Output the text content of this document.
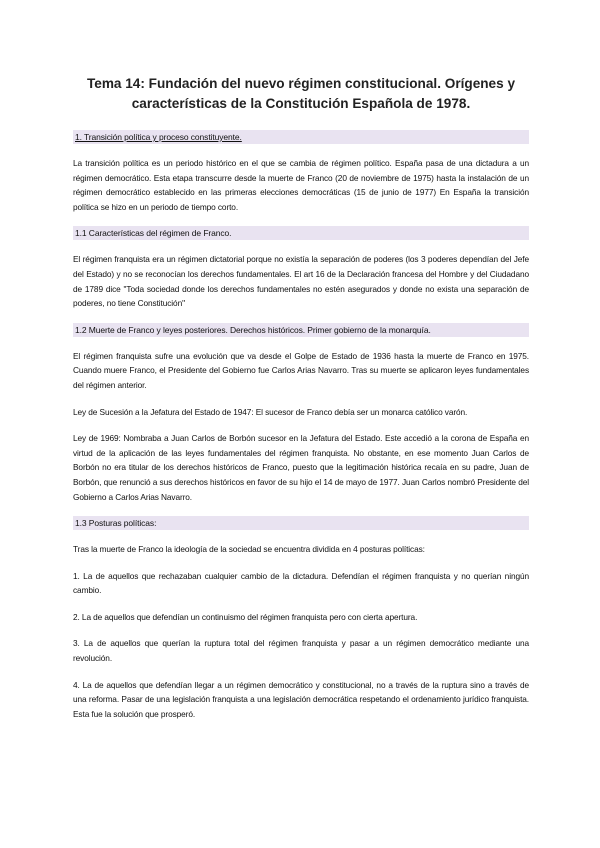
Tema 14: Fundación del nuevo régimen constitucional. Orígenes y
características de la Constitución Española de 1978.
1. Transición política y proceso constituyente.

La transición política es un periodo histórico en el que se cambia de régimen político. España pasa de una dictadura a un régimen democrático. Esta etapa transcurre desde la muerte de Franco (20 de noviembre de 1975) hasta la instalación de un régimen democrático establecido en las primeras elecciones democráticas (15 de junio de 1977) En España la transición política se hizo en un periodo de tiempo corto.

1.1 Características del régimen de Franco.

El régimen franquista era un régimen dictatorial porque no existía la separación de poderes (los 3 poderes dependían del Jefe del Estado) y no se reconocían los derechos fundamentales. El art 16 de la Declaración francesa del Hombre y del Ciudadano de 1789 dice "Toda sociedad donde los derechos fundamentales no estén asegurados y donde no exista una separación de poderes, no tiene Constitución"

1.2 Muerte de Franco y leyes posteriores. Derechos históricos. Primer gobierno de la monarquía.

El régimen franquista sufre una evolución que va desde el Golpe de Estado de 1936 hasta la muerte de Franco en 1975. Cuando muere Franco, el Presidente del Gobierno fue Carlos Arias Navarro. Tras su muerte se aplicaron leyes fundamentales del régimen anterior.

Ley de Sucesión a la Jefatura del Estado de 1947: El sucesor de Franco debía ser un monarca católico varón.

Ley de 1969: Nombraba a Juan Carlos de Borbón sucesor en la Jefatura del Estado. Este accedió a la corona de España en virtud de la aplicación de las leyes fundamentales del régimen franquista. No obstante, en ese momento Juan Carlos de Borbón no era titular de los derechos históricos de Franco, puesto que la legitimación histórica recaía en su padre, Juan de Borbón, que renunció a sus derechos históricos en favor de su hijo el 14 de mayo de 1977. Juan Carlos nombró Presidente del Gobierno a Carlos Arias Navarro.

1.3 Posturas políticas:

Tras la muerte de Franco la ideología de la sociedad se encuentra dividida en 4 posturas políticas:

1. La de aquellos que rechazaban cualquier cambio de la dictadura. Defendían el régimen franquista y no querían ningún cambio.

2. La de aquellos que defendían un continuismo del régimen franquista pero con cierta apertura.

3. La de aquellos que querían la ruptura total del régimen franquista y pasar a un régimen democrático mediante una revolución.

4. La de aquellos que defendían llegar a un régimen democrático y constitucional, no a través de la ruptura sino a través de una reforma. Pasar de una legislación franquista a una legislación democrática respetando el ordenamiento jurídico franquista. Esta fue la solución que prosperó.
